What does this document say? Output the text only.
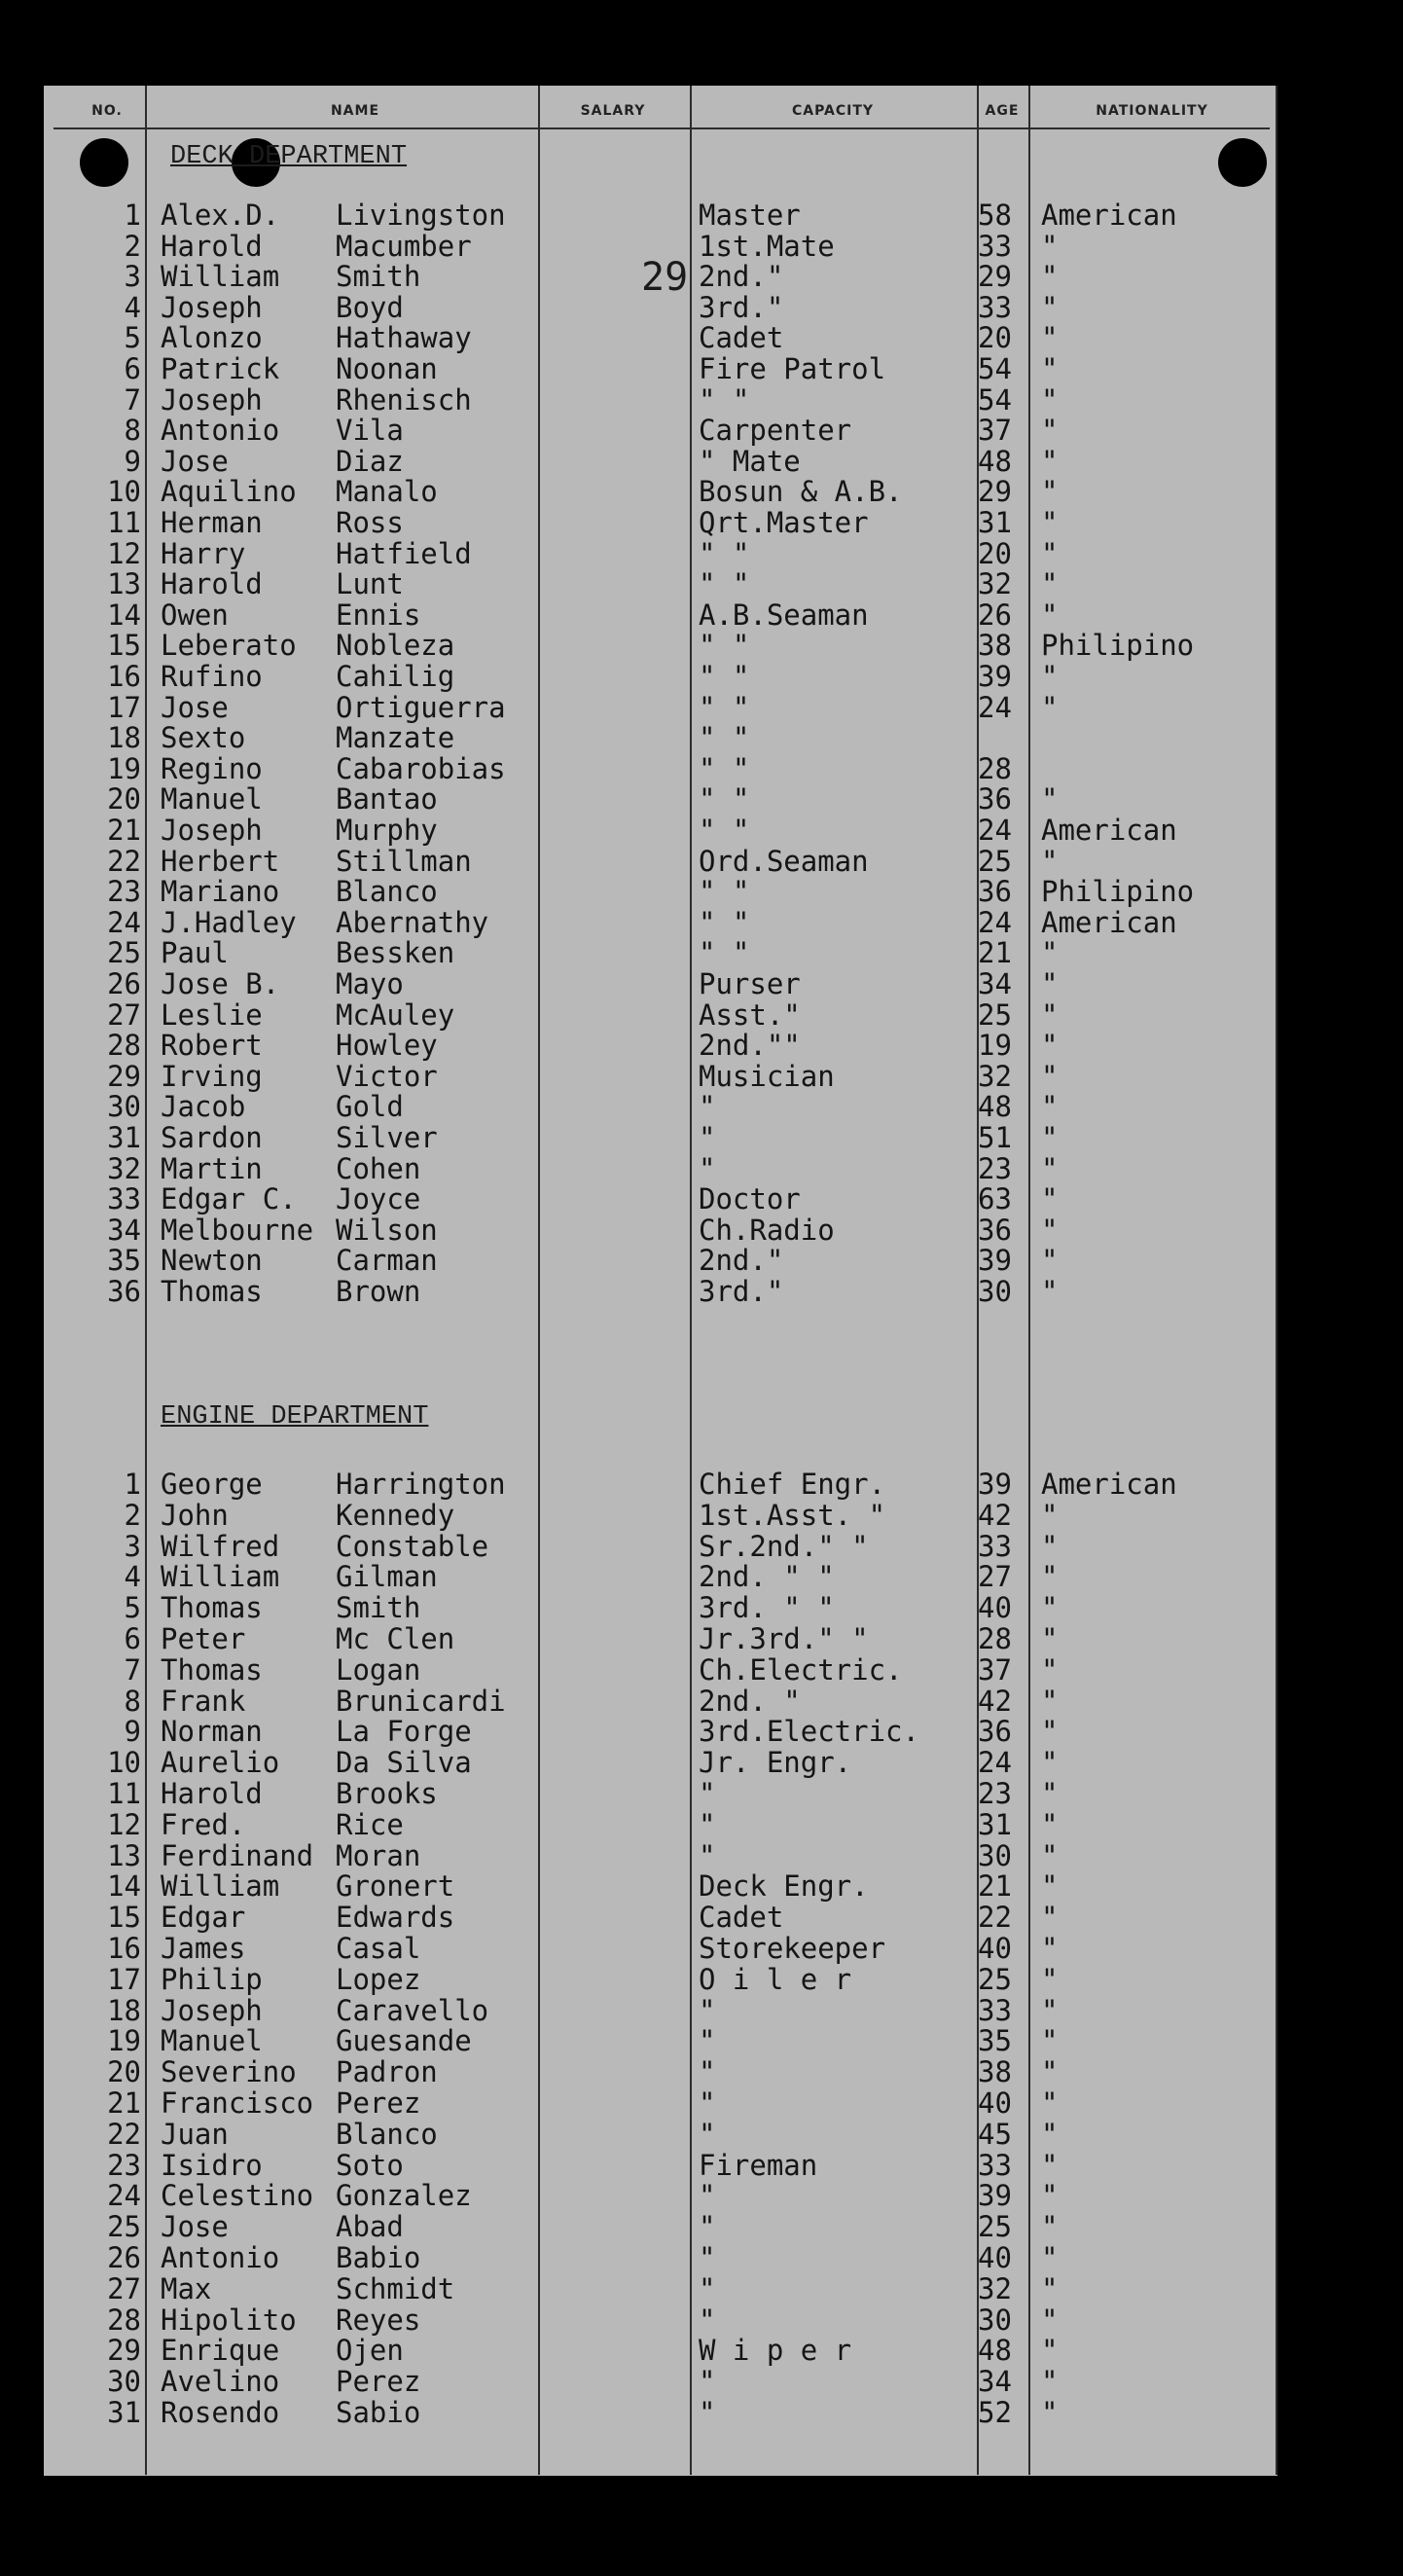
NO.	NAME	SALARY	CAPACITY	AGE	NATIONALITY
29
DECK DEPARTMENT
1 Alex.D. Livingston	Master	58 American
2 Harold	Macumber	1st.Mate	33 "
3 William Smith	2nd."	29 "
4 Joseph	Boyd	3rd."	33 "
5 Alonzo	Hathaway	Cadet	20 "
6 Patrick Noonan	Fire Patrol	54 "
7 Joseph	Rhenisch	" "	54 "
8 Antonio Vila	Carpenter	37 "
9 Jose	Diaz	" Mate	48 "
10 Aquilino Manalo	Bosun & A.B.	29 "
11 Herman	Ross	Qrt.Master	31 "
12 Harry	Hatfield	" "	20 "
13 Harold	Lunt	" "	32 "
14 Owen	Ennis	A.B.Seaman	26 "
15 Leberato Nobleza	" "	38 Philipino
16 Rufino	Cahilig	" "	39 "
17 Jose	Ortiguerra	" "	24 "
18 Sexto	Manzate	" "
19 Regino	Cabarobias	" "	28
20 Manuel	Bantao	" "	36 "
21 Joseph	Murphy	" "	24 American
22 Herbert Stillman	Ord.Seaman	25 "
23 Mariano Blanco	" "	36 Philipino
24 J.Hadley Abernathy	" "	24 American
25 Paul	Bessken	" "	21 "
26 Jose B. Mayo	Purser	34 "
27 Leslie	McAuley	Asst."	25 "
28 Robert	Howley	2nd.""	19 "
29 Irving	Victor	Musician	32 "
30 Jacob	Gold	"	48 "
31 Sardon	Silver	"	51 "
32 Martin	Cohen	"	23 "
33 Edgar C. Joyce	Doctor	63 "
34 Melbourne Wilson	Ch.Radio	36 "
35 Newton	Carman	2nd."	39 "
36 Thomas	Brown	3rd."	30 "
ENGINE DEPARTMENT
1 George	Harrington	Chief Engr.	39 American
2 John	Kennedy	1st.Asst. "	42 "
3 Wilfred Constable	Sr.2nd." "	33 "
4 William Gilman	2nd. " "	27 "
5 Thomas	Smith	3rd. " "	40 "
6 Peter	Mc Clen	Jr.3rd." "	28 "
7 Thomas	Logan	Ch.Electric.	37 "
8 Frank	Brunicardi	2nd. "	42 "
9 Norman	La Forge	3rd.Electric. 36 "
10 Aurelio Da Silva	Jr. Engr.	24 "
11 Harold	Brooks	"	23 "
12 Fred.	Rice	"	31 "
13 Ferdinand Moran	"	30 "
14 William Gronert	Deck Engr.	21 "
15 Edgar	Edwards	Cadet	22 "
16 James	Casal	Storekeeper	40 "
17 Philip	Lopez	O i l e r	25 "
18 Joseph	Caravello	"	33 "
19 Manuel	Guesande	"	35 "
20 Severino Padron	"	38 "
21 Francisco Perez	"	40 "
22 Juan	Blanco	"	45 "
23 Isidro	Soto	Fireman	33 "
24 Celestino Gonzalez	"	39 "
25 Jose	Abad	"	25 "
26 Antonio Babio	"	40 "
27 Max	Schmidt	"	32 "
28 Hipolito Reyes	"	30 "
29 Enrique Ojen	W i p e r	48 "
30 Avelino Perez	"	34 "
31 Rosendo Sabio	"	52 "
